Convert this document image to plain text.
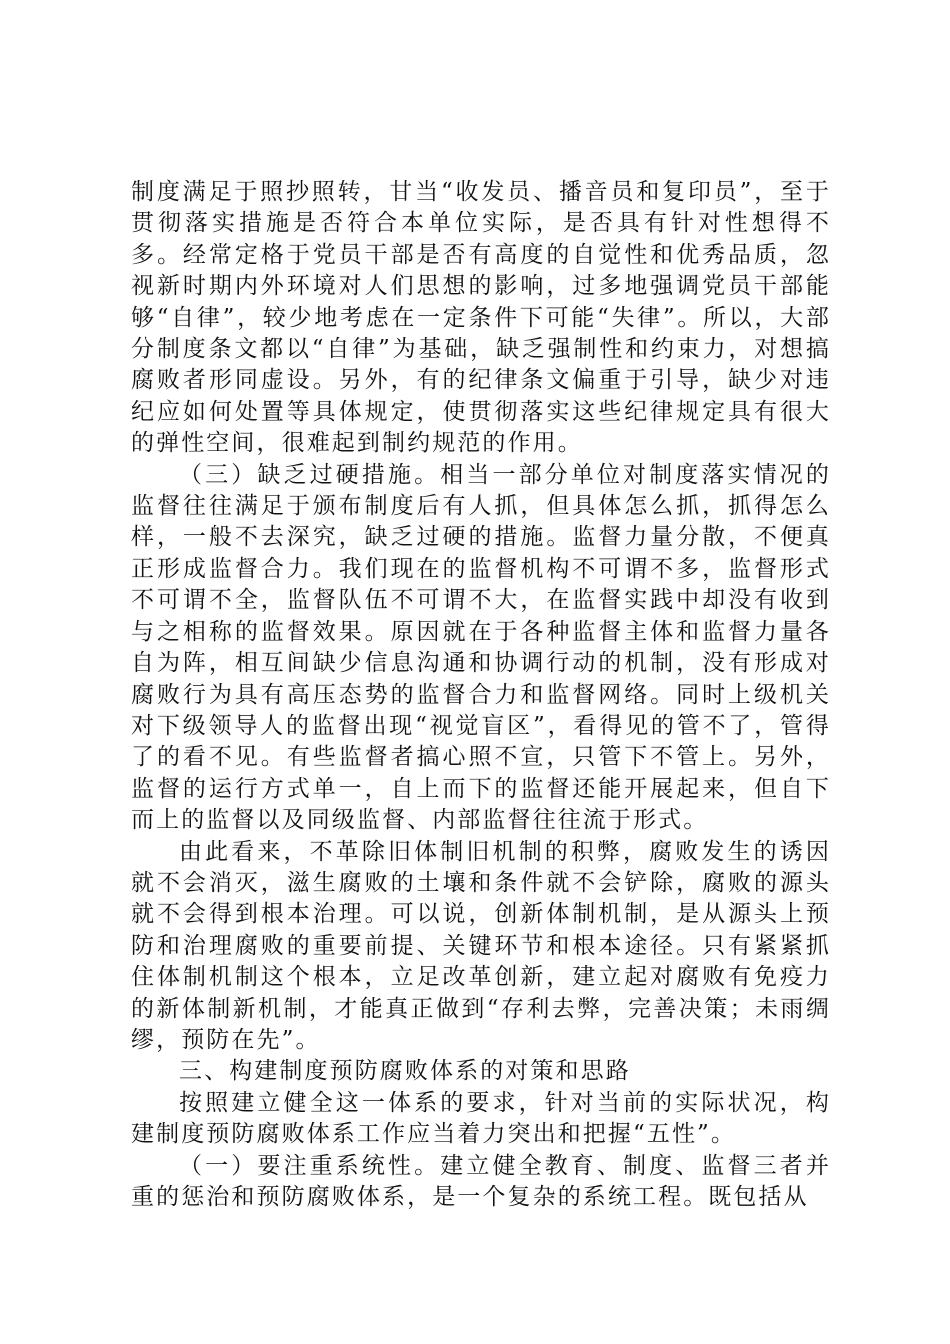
制度满足于照抄照转，甘当“收发员、播音员和复印员”，至于贯彻落实措施是否符合本单位实际，是否具有针对性想得不多。经常定格于党员干部是否有高度的自觉性和优秀品质，忽视新时期内外环境对人们思想的影响，过多地强调党员干部能够“自律”，较少地考虑在一定条件下可能“失律”。所以，大部分制度条文都以“自律”为基础，缺乏强制性和约束力，对想搞腐败者形同虚设。另外，有的纪律条文偏重于引导，缺少对违纪应如何处置等具体规定，使贯彻落实这些纪律规定具有很大的弹性空间，很难起到制约规范的作用。

（三）缺乏过硬措施。相当一部分单位对制度落实情况的监督往往满足于颁布制度后有人抓，但具体怎么抓，抓得怎么样，一般不去深究，缺乏过硬的措施。监督力量分散，不便真正形成监督合力。我们现在的监督机构不可谓不多，监督形式不可谓不全，监督队伍不可谓不大，在监督实践中却没有收到与之相称的监督效果。原因就在于各种监督主体和监督力量各自为阵，相互间缺少信息沟通和协调行动的机制，没有形成对腐败行为具有高压态势的监督合力和监督网络。同时上级机关对下级领导人的监督出现“视觉盲区”，看得见的管不了，管得了的看不见。有些监督者搞心照不宣，只管下不管上。另外，监督的运行方式单一，自上而下的监督还能开展起来，但自下而上的监督以及同级监督、内部监督往往流于形式。

由此看来，不革除旧体制旧机制的积弊，腐败发生的诱因就不会消灭，滋生腐败的土壤和条件就不会铲除，腐败的源头就不会得到根本治理。可以说，创新体制机制，是从源头上预防和治理腐败的重要前提、关键环节和根本途径。只有紧紧抓住体制机制这个根本，立足改革创新，建立起对腐败有免疫力的新体制新机制，才能真正做到“存利去弊，完善决策；未雨绸缪，预防在先”。

三、构建制度预防腐败体系的对策和思路

按照建立健全这一体系的要求，针对当前的实际状况，构建制度预防腐败体系工作应当着力突出和把握“五性”。

（一）要注重系统性。建立健全教育、制度、监督三者并重的惩治和预防腐败体系，是一个复杂的系统工程。既包括从
